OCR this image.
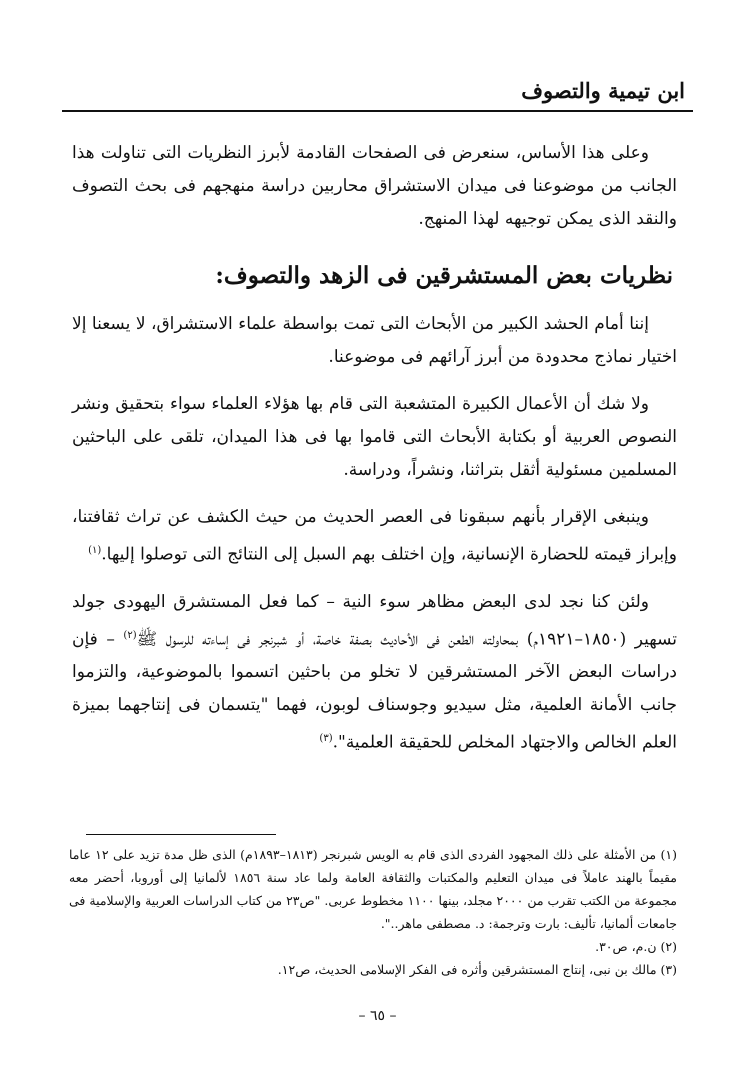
ابن تيمية والتصوف

وعلى هذا الأساس، سنعرض فى الصفحات القادمة لأبرز النظريات التى تناولت هذا الجانب من موضوعنا فى ميدان الاستشراق محاربين دراسة منهجهم فى بحث التصوف والنقد الذى يمكن توجيهه لهذا المنهج.

نظريات بعض المستشرقين فى الزهد والتصوف:

إننا أمام الحشد الكبير من الأبحاث التى تمت بواسطة علماء الاستشراق، لا يسعنا إلا اختيار نماذج محدودة من أبرز آرائهم فى موضوعنا.

ولا شك أن الأعمال الكبيرة المتشعبة التى قام بها هؤلاء العلماء سواء بتحقيق ونشر النصوص العربية أو بكتابة الأبحاث التى قاموا بها فى هذا الميدان، تلقى على الباحثين المسلمين مسئولية أثقل بتراثنا، ونشراً، ودراسة.

وينبغى الإقرار بأنهم سبقونا فى العصر الحديث من حيث الكشف عن تراث ثقافتنا، وإبراز قيمته للحضارة الإنسانية، وإن اختلف بهم السبل إلى النتائج التى توصلوا إليها.$^{(١)}$

ولئن كنا نجد لدى البعض مظاهر سوء النية – كما فعل المستشرق اليهودى جولد تسهير (١٨٥٠–١٩٢١م) بمحاولته الطعن فى الأحاديث بصفة خاصة، أو شبرنجر فى إساءته للرسول ﷺ$^{(٢)}$ – فإن دراسات البعض الآخر المستشرقين لا تخلو من باحثين اتسموا بالموضوعية، والتزموا جانب الأمانة العلمية، مثل سيديو وجوسناف لوبون، فهما "يتسمان فى إنتاجهما بميزة العلم الخالص والاجتهاد المخلص للحقيقة العلمية".$^{(٣)}$

(١) من الأمثلة على ذلك المجهود الفردى الذى قام به الويس شبرنجر (١٨١٣–١٨٩٣م) الذى ظل مدة تزيد على ١٢ عاما مقيماً بالهند عاملاً فى ميدان التعليم والمكتبات والثقافة العامة ولما عاد سنة ١٨٥٦ لألمانيا إلى أوروبا، أحضر معه مجموعة من الكتب تقرب من ٢٠٠٠ مجلد، بينها ١١٠٠ مخطوط عربى. "ص٢٣ من كتاب الدراسات العربية والإسلامية فى جامعات ألمانيا، تأليف: بارت وترجمة: د. مصطفى ماهر..".

(٢) ن.م، ص٣٠.

(٣) مالك بن نبى، إنتاج المستشرقين وأثره فى الفكر الإسلامى الحديث، ص١٢.

– ٦٥ –
